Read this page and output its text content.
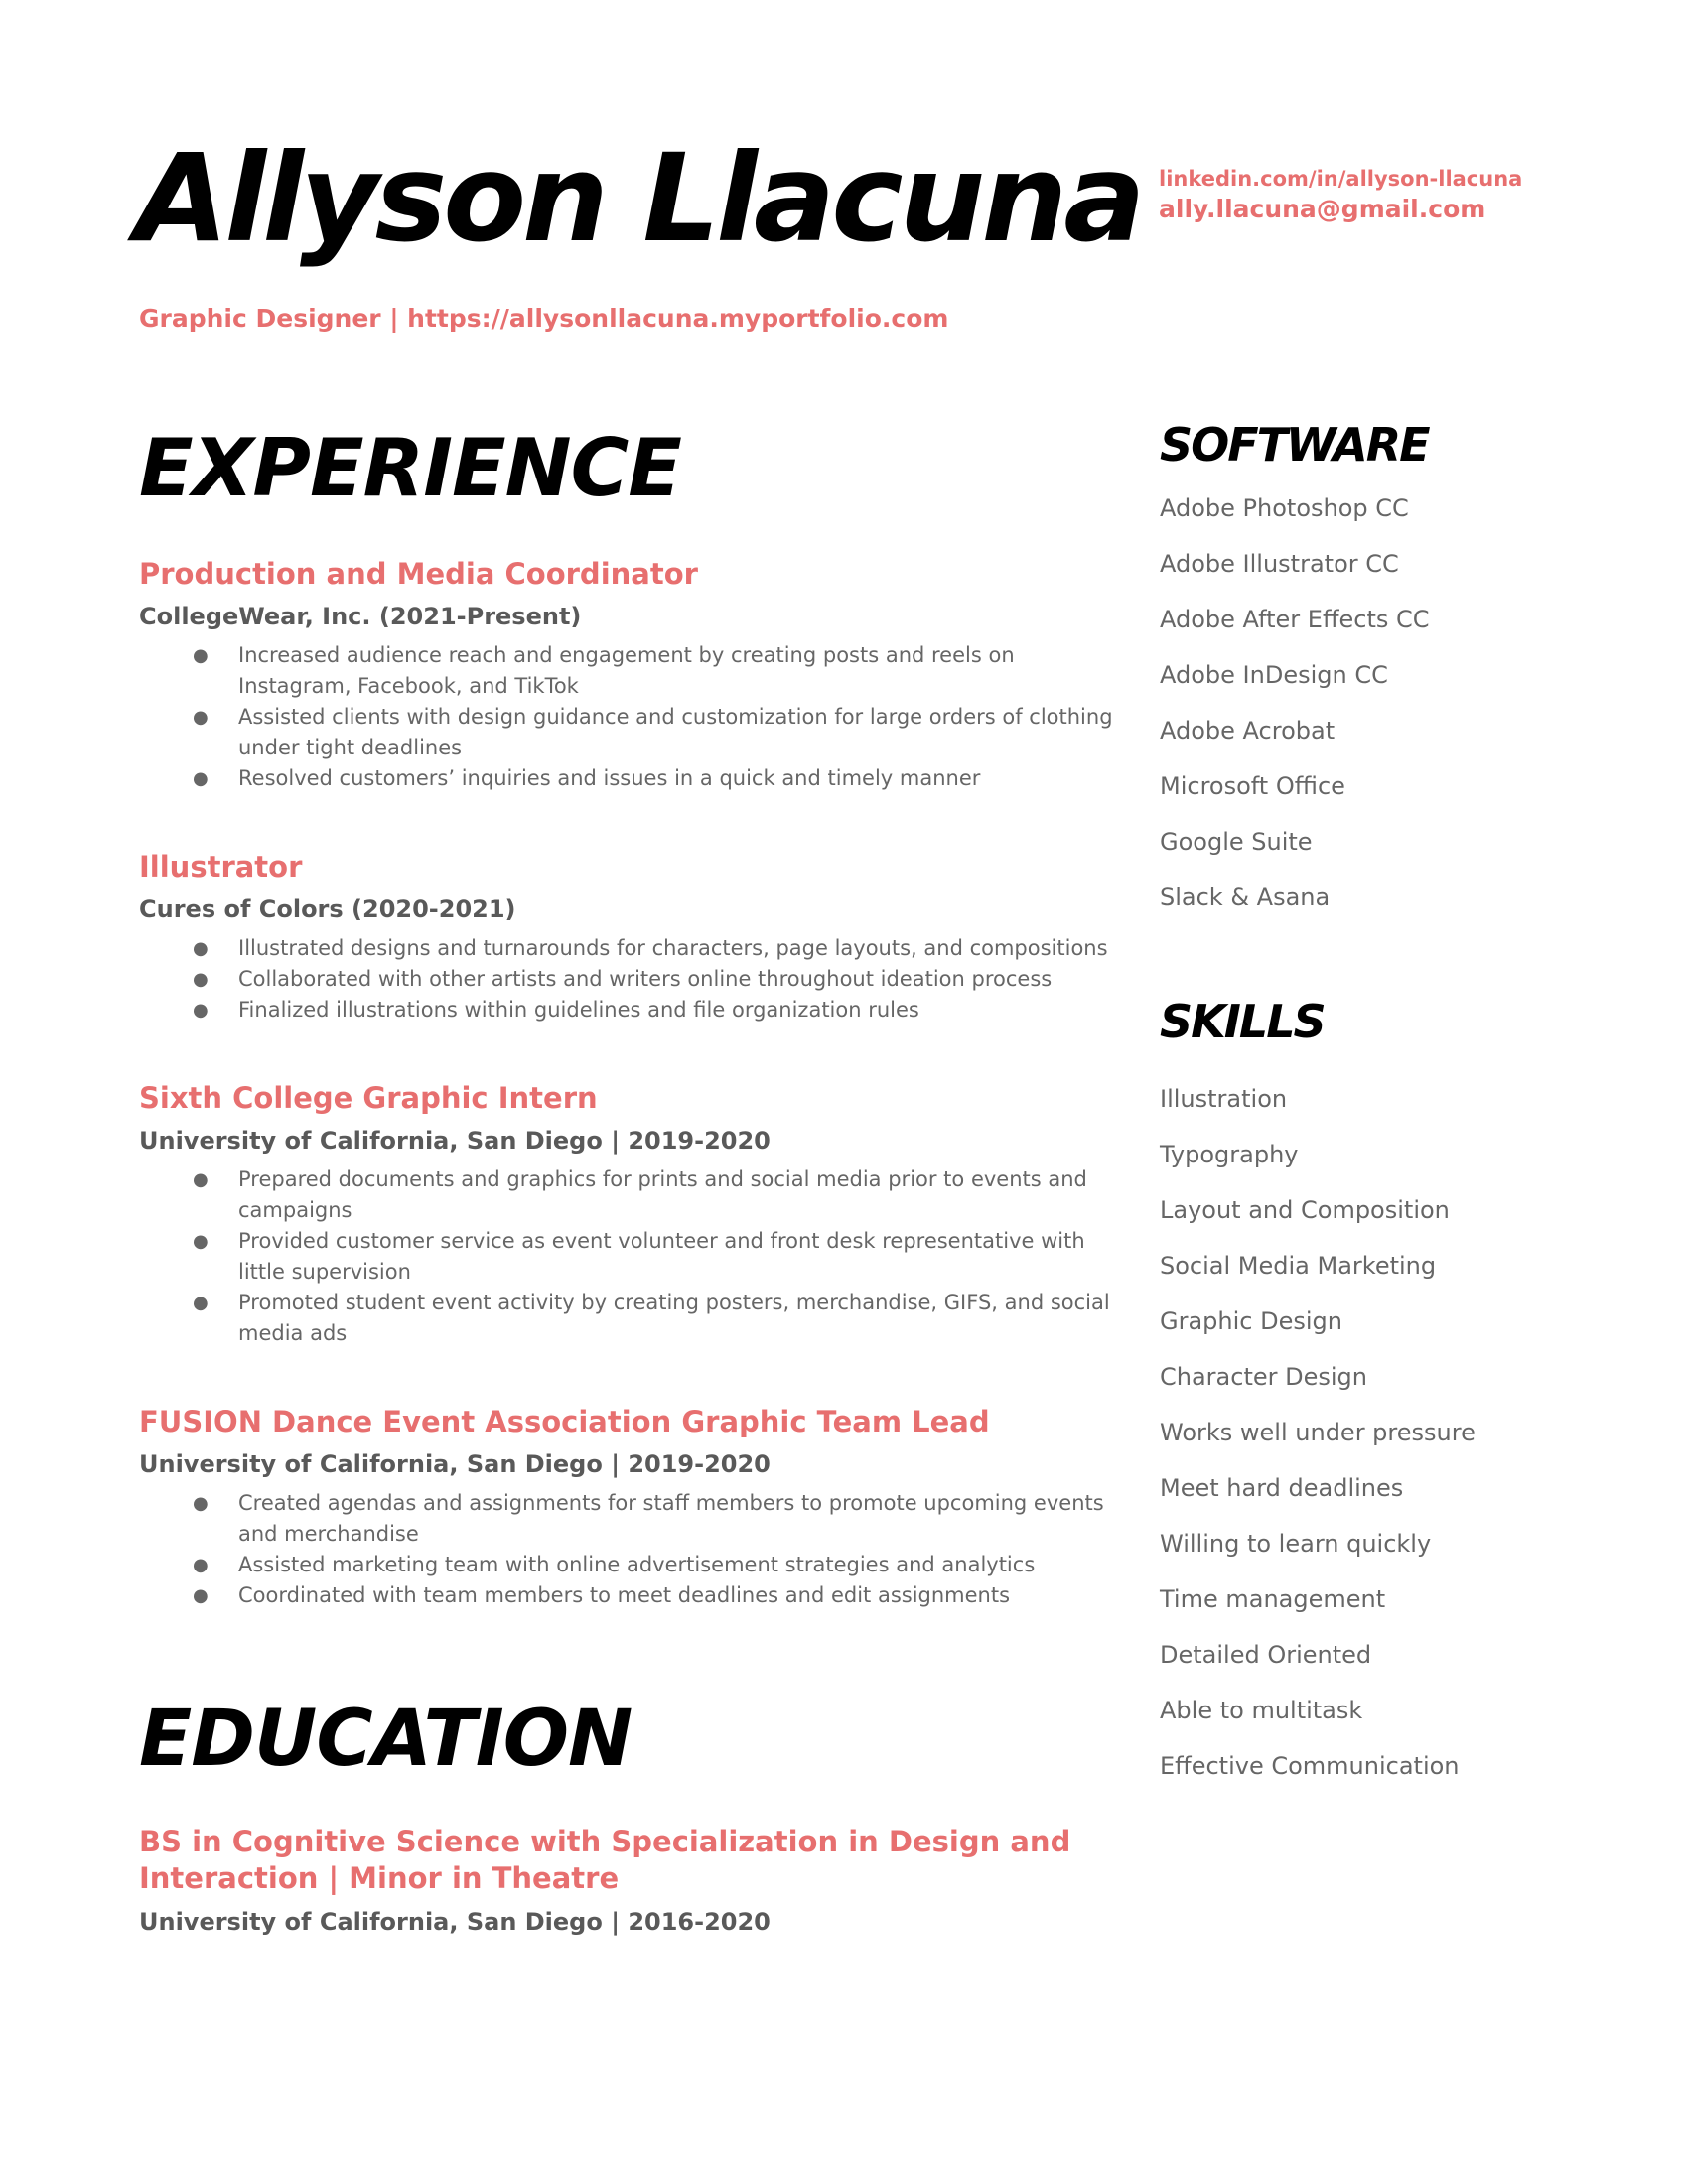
Allyson Llacuna
Graphic Designer | https://allysonllacuna.myportfolio.com
linkedin.com/in/allyson-llacuna
ally.llacuna@gmail.com
EXPERIENCE
Production and Media Coordinator

CollegeWear, Inc. (2021-Present)

● Increased audience reach and engagement by creating posts and reels on Instagram, Facebook, and TikTok
● Assisted clients with design guidance and customization for large orders of clothing under tight deadlines
● Resolved customers’ inquiries and issues in a quick and timely manner
Illustrator

Cures of Colors (2020-2021)

● Illustrated designs and turnarounds for characters, page layouts, and compositions
● Collaborated with other artists and writers online throughout ideation process
● Finalized illustrations within guidelines and file organization rules
Sixth College Graphic Intern

University of California, San Diego | 2019-2020

● Prepared documents and graphics for prints and social media prior to events and campaigns
● Provided customer service as event volunteer and front desk representative with little supervision
● Promoted student event activity by creating posters, merchandise, GIFS, and social media ads
FUSION Dance Event Association Graphic Team Lead

University of California, San Diego | 2019-2020

● Created agendas and assignments for staff members to promote upcoming events and merchandise
● Assisted marketing team with online advertisement strategies and analytics
● Coordinated with team members to meet deadlines and edit assignments
EDUCATION
BS in Cognitive Science with Specialization in Design and Interaction | Minor in Theatre

University of California, San Diego | 2016-2020

SOFTWARE
Adobe Photoshop CC
Adobe Illustrator CC
Adobe After Effects CC
Adobe InDesign CC
Adobe Acrobat
Microsoft Office
Google Suite
Slack & Asana
SKILLS
Illustration
Typography
Layout and Composition
Social Media Marketing
Graphic Design
Character Design
Works well under pressure
Meet hard deadlines
Willing to learn quickly
Time management
Detailed Oriented
Able to multitask
Effective Communication
